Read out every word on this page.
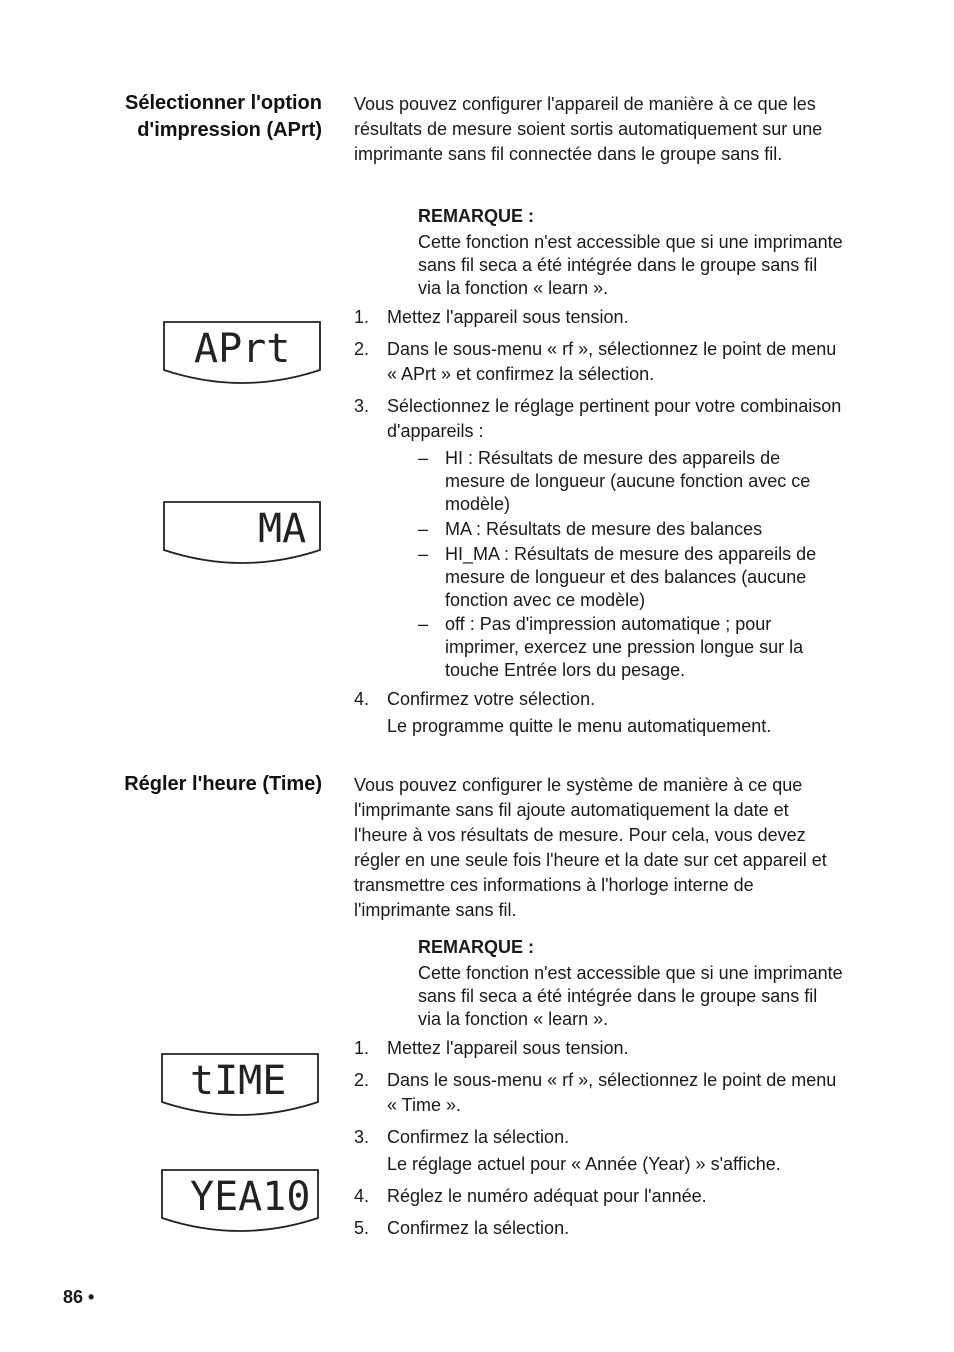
Sélectionner l'option
d'impression (APrt)
Vous pouvez configurer l'appareil de manière à ce que les résultats de mesure soient sortis automatiquement sur une imprimante sans fil connectée dans le groupe sans fil.
REMARQUE :
Cette fonction n'est accessible que si une imprimante sans fil seca a été intégrée dans le groupe sans fil via la fonction « learn ».
1. Mettez l'appareil sous tension.
2. Dans le sous-menu « rf », sélectionnez le point de menu « APrt » et confirmez la sélection.
3. Sélectionnez le réglage pertinent pour votre combinaison d'appareils :
– HI : Résultats de mesure des appareils de mesure de longueur (aucune fonction avec ce modèle)
– MA : Résultats de mesure des balances
– HI_MA : Résultats de mesure des appareils de mesure de longueur et des balances (aucune fonction avec ce modèle)
– off : Pas d'impression automatique ; pour imprimer, exercez une pression longue sur la touche Entrée lors du pesage.
4. Confirmez votre sélection.
Le programme quitte le menu automatiquement.
APrt
MA
Régler l'heure (Time) Vous pouvez configurer le système de manière à ce que l'imprimante sans fil ajoute automatiquement la date et l'heure à vos résultats de mesure. Pour cela, vous devez régler en une seule fois l'heure et la date sur cet appareil et transmettre ces informations à l'horloge interne de l'imprimante sans fil.
REMARQUE :
Cette fonction n'est accessible que si une imprimante sans fil seca a été intégrée dans le groupe sans fil via la fonction « learn ».
1. Mettez l'appareil sous tension.
2. Dans le sous-menu « rf », sélectionnez le point de menu « Time ».
3. Confirmez la sélection.
Le réglage actuel pour « Année (Year) » s'affiche.
4. Réglez le numéro adéquat pour l'année.
5. Confirmez la sélection.
tIME
YEA10
86 •
